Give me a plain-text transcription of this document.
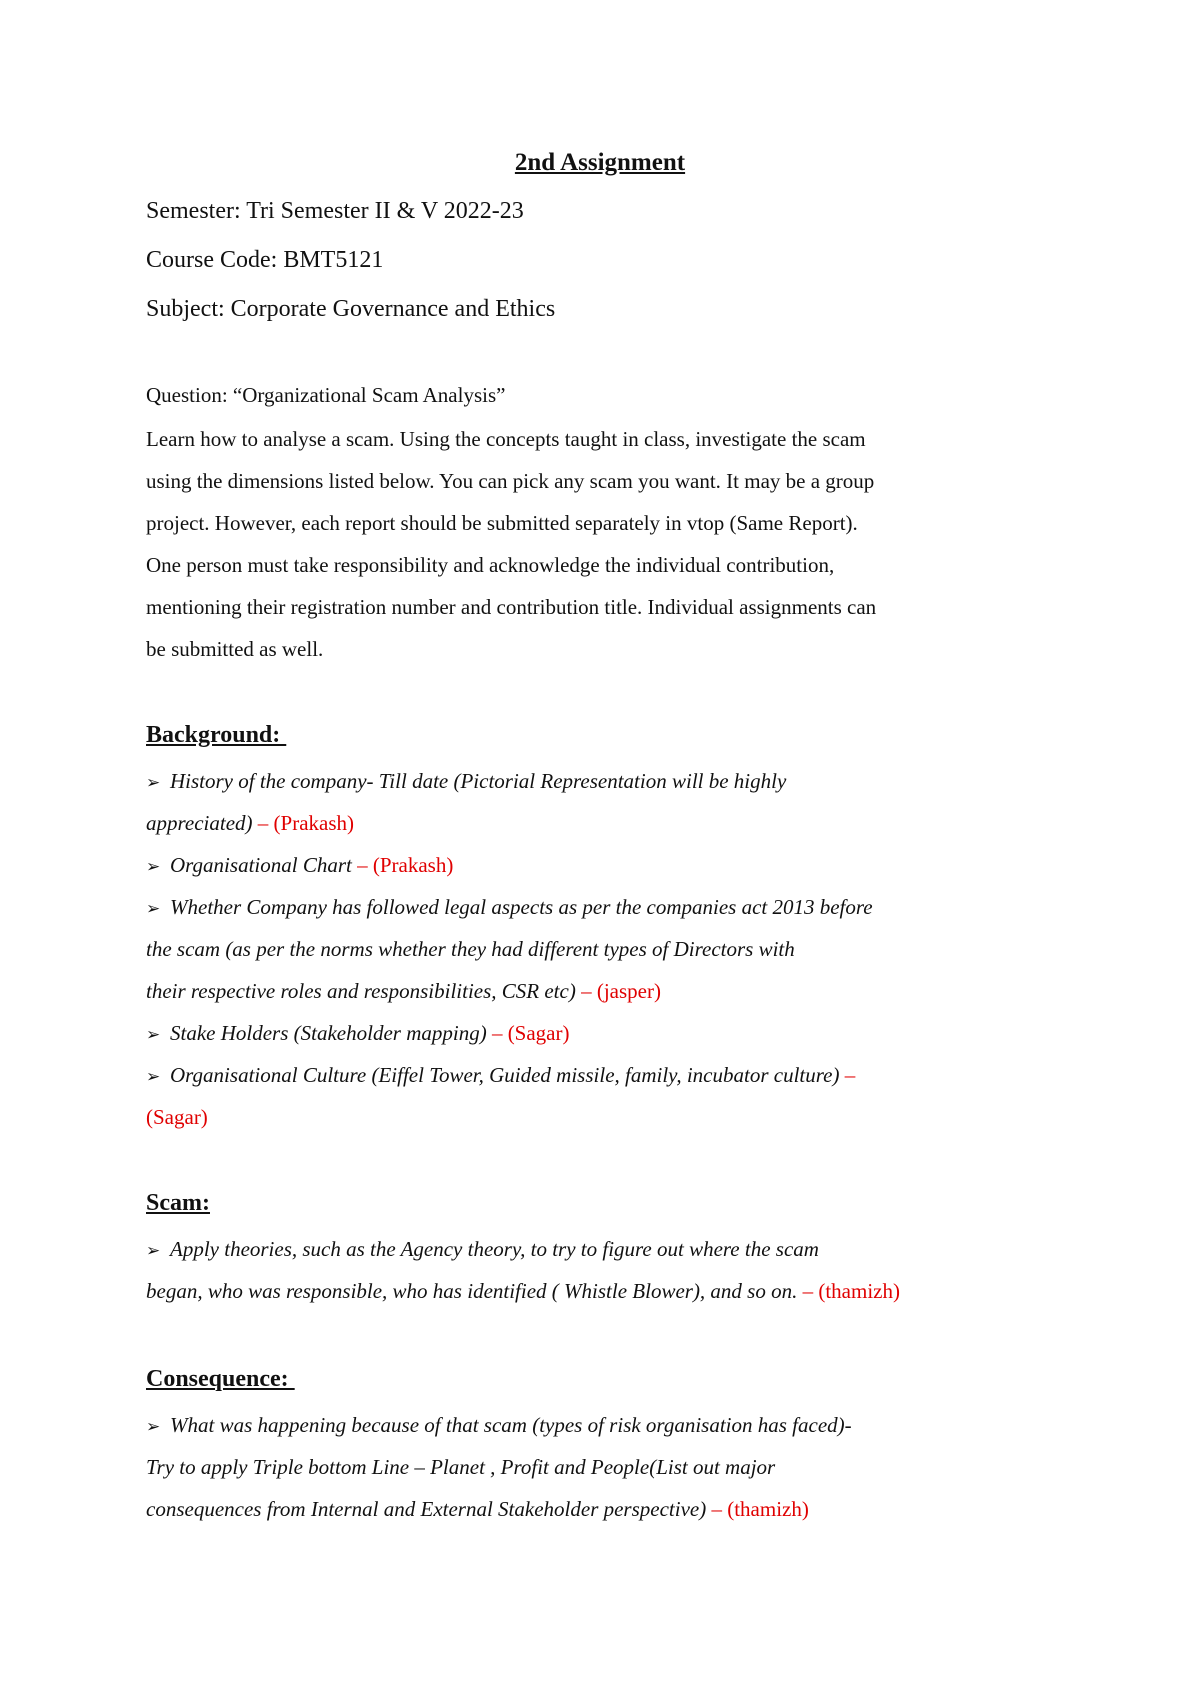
2nd Assignment

Semester: Tri Semester II & V 2022-23

Course Code: BMT5121

Subject: Corporate Governance and Ethics

Question: “Organizational Scam Analysis”

Learn how to analyse a scam. Using the concepts taught in class, investigate the scam
using the dimensions listed below. You can pick any scam you want. It may be a group
project. However, each report should be submitted separately in vtop (Same Report).
One person must take responsibility and acknowledge the individual contribution,
mentioning their registration number and contribution title. Individual assignments can
be submitted as well.

Background:

➢ History of the company- Till date (Pictorial Representation will be highly
appreciated) – (Prakash)
➢ Organisational Chart – (Prakash)
➢ Whether Company has followed legal aspects as per the companies act 2013 before
the scam (as per the norms whether they had different types of Directors with
their respective roles and responsibilities, CSR etc) – (jasper)
➢ Stake Holders (Stakeholder mapping) – (Sagar)
➢ Organisational Culture (Eiffel Tower, Guided missile, family, incubator culture) –
(Sagar)

Scam:

➢ Apply theories, such as the Agency theory, to try to figure out where the scam
began, who was responsible, who has identified ( Whistle Blower), and so on. – (thamizh)

Consequence:

➢ What was happening because of that scam (types of risk organisation has faced)-
Try to apply Triple bottom Line – Planet , Profit and People(List out major
consequences from Internal and External Stakeholder perspective) – (thamizh)
